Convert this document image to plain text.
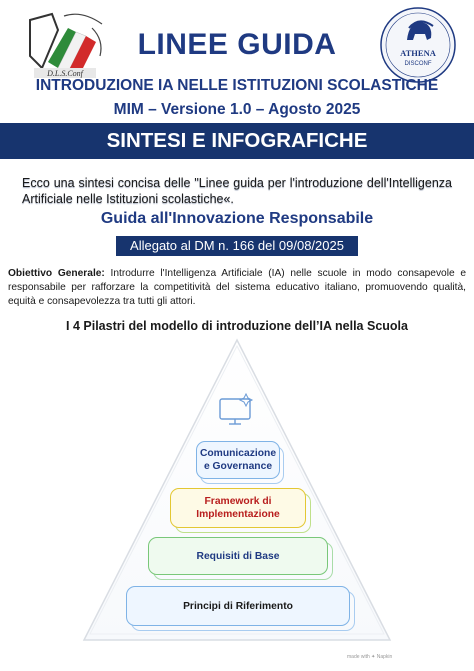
D.L.S.Conf
ATHENA
DISCONF
LINEE GUIDA
INTRODUZIONE IA NELLE ISTITUZIONI SCOLASTICHE
MIM – Versione 1.0 – Agosto 2025
SINTESI E INFOGRAFICHE
Ecco una sintesi concisa delle "Linee guida per l'introduzione dell'Intelligenza Artificiale nelle Istituzioni scolastiche«.
Guida all'Innovazione Responsabile
Allegato al DM n. 166 del 09/08/2025
Obiettivo Generale: Introdurre l'Intelligenza Artificiale (IA) nelle scuole in modo consapevole e responsabile per rafforzare la competitività del sistema educativo italiano, promuovendo qualità, equità e consapevolezza tra tutti gli attori.
I 4 Pilastri del modello di introduzione dell’IA nella Scuola
Comunicazione e Governance
Framework di Implementazione
Requisiti di Base
Principi di Riferimento
made with ✦ Napkin
